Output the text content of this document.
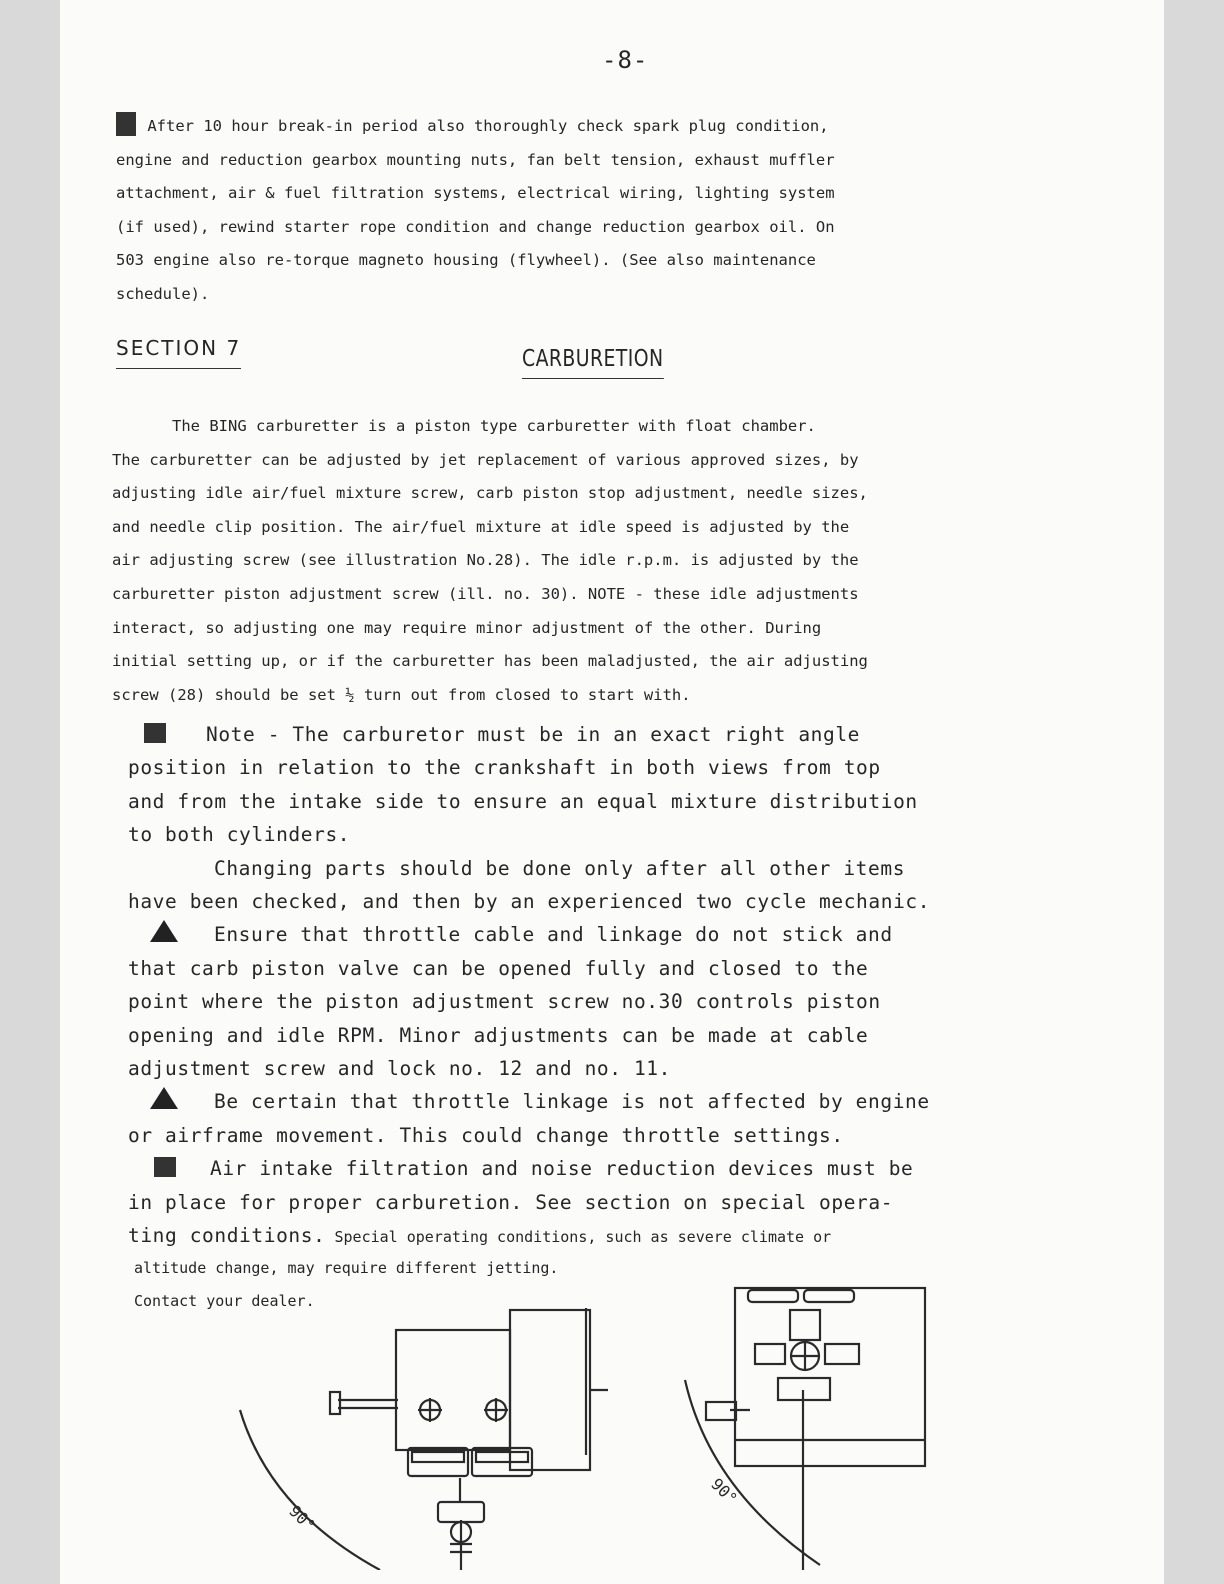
-8-
After 10 hour break-in period also thoroughly check spark plug condition,
engine and reduction gearbox mounting nuts, fan belt tension, exhaust muffler
attachment, air & fuel filtration systems, electrical wiring, lighting system
(if used), rewind starter rope condition and change reduction gearbox oil. On
503 engine also re-torque magneto housing (flywheel). (See also maintenance
schedule).
SECTION 7	CARBURETION
The BING carburetter is a piston type carburetter with float chamber.
The carburetter can be adjusted by jet replacement of various approved sizes, by
adjusting idle air/fuel mixture screw, carb piston stop adjustment, needle sizes,
and needle clip position. The air/fuel mixture at idle speed is adjusted by the
air adjusting screw (see illustration No.28). The idle r.p.m. is adjusted by the
carburetter piston adjustment screw (ill. no. 30). NOTE - these idle adjustments
interact, so adjusting one may require minor adjustment of the other. During
initial setting up, or if the carburetter has been maladjusted, the air adjusting
screw (28) should be set ½ turn out from closed to start with.
Note - The carburetor must be in an exact right angle
position in relation to the crankshaft in both views from top
and from the intake side to ensure an equal mixture distribution
to both cylinders.
Changing parts should be done only after all other items
have been checked, and then by an experienced two cycle mechanic.
Ensure that throttle cable and linkage do not stick and
that carb piston valve can be opened fully and closed to the
point where the piston adjustment screw no.30 controls piston
opening and idle RPM. Minor adjustments can be made at cable
adjustment screw and lock no. 12 and no. 11.
Be certain that throttle linkage is not affected by engine
or airframe movement. This could change throttle settings.
Air intake filtration and noise reduction devices must be
in place for proper carburetion. See section on special opera-
ting conditions. Special operating conditions, such as severe climate or
altitude change, may require different jetting.
Contact your dealer.
90°
90°
